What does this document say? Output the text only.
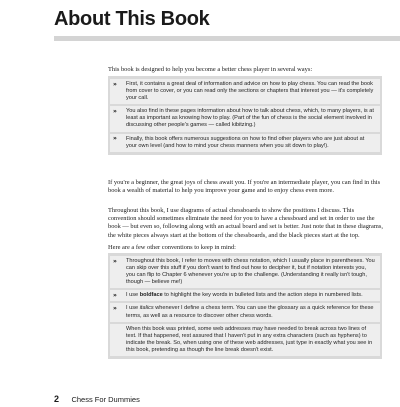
About This Book

This book is designed to help you become a better chess player in several ways:

» First, it contains a great deal of information and advice on how to play chess. You can read the book from cover to cover, or you can read only the sections or chapters that interest you — it's completely your call.
» You also find in these pages information about how to talk about chess, which, to many players, is at least as important as knowing how to play. (Part of the fun of chess is the social element involved in discussing other people's games — called kibitzing.)
» Finally, this book offers numerous suggestions on how to find other players who are just about at your own level (and how to mind your chess manners when you sit down to play!).

If you're a beginner, the great joys of chess await you. If you're an intermediate player, you can find in this book a wealth of material to help you improve your game and to enjoy chess even more.

Throughout this book, I use diagrams of actual chessboards to show the positions I discuss. This convention should sometimes eliminate the need for you to have a chessboard and set in order to use the book — but even so, following along with an actual board and set is better. Just note that in these diagrams, the white pieces always start at the bottom of the chessboards, and the black pieces start at the top.

Here are a few other conventions to keep in mind:

» Throughout this book, I refer to moves with chess notation, which I usually place in parentheses. You can skip over this stuff if you don't want to find out how to decipher it, but if notation interests you, you can flip to Chapter 6 whenever you're up to the challenge. (Understanding it really isn't tough, though — believe me!)
» I use boldface to highlight the key words in bulleted lists and the action steps in numbered lists.
» I use italics whenever I define a chess term. You can use the glossary as a quick reference for these terms, as well as a resource to discover other chess words.
When this book was printed, some web addresses may have needed to break across two lines of text. If that happened, rest assured that I haven't put in any extra characters (such as hyphens) to indicate the break. So, when using one of these web addresses, just type in exactly what you see in this book, pretending as though the line break doesn't exist.
2 Chess For Dummies
